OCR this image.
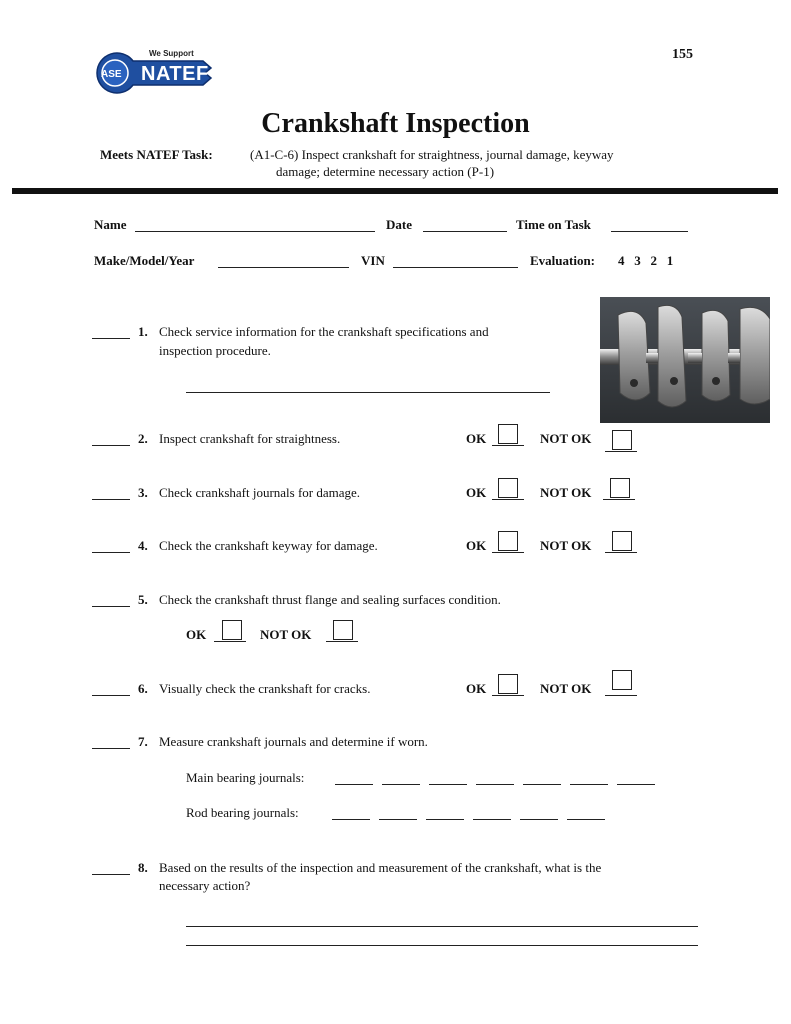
155
We Support
ASE NATEF
Crankshaft Inspection
Meets NATEF Task:	(A1-C-6) Inspect crankshaft for straightness, journal damage, keyway
damage; determine necessary action (P-1)
Name	Date	Time on Task
Make/Model/Year	VIN	Evaluation: 4   3   2   1
1. Check service information for the crankshaft specifications and
inspection procedure.
2. Inspect crankshaft for straightness.	OK	NOT OK
3. Check crankshaft journals for damage.	OK	NOT OK
4. Check the crankshaft keyway for damage.	OK	NOT OK
5. Check the crankshaft thrust flange and sealing surfaces condition.
OK	NOT OK
6. Visually check the crankshaft for cracks.	OK	NOT OK
7. Measure crankshaft journals and determine if worn.
Main bearing journals:
Rod bearing journals:
8. Based on the results of the inspection and measurement of the crankshaft, what is the
necessary action?
